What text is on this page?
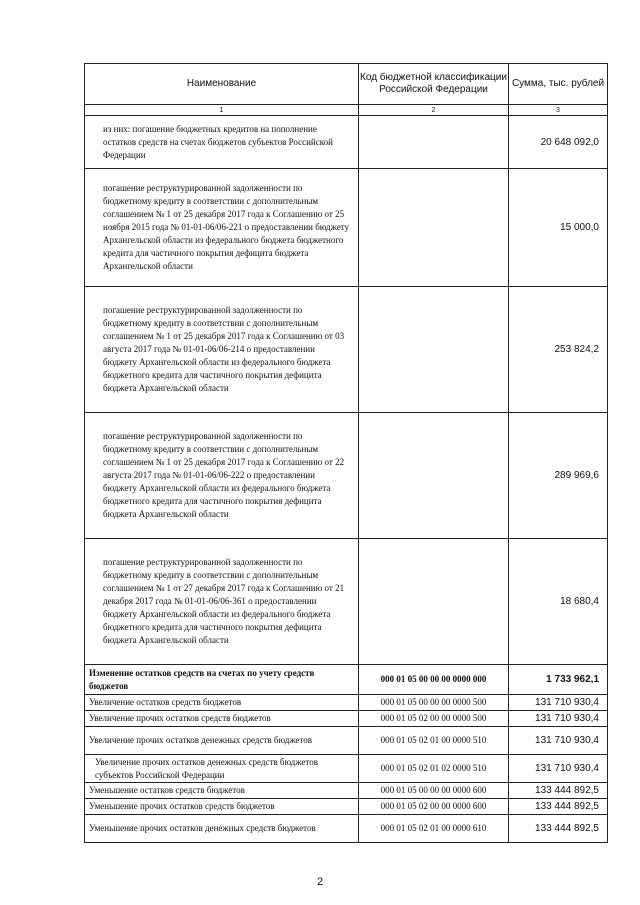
Наименование	Код бюджетной классификации Российской Федерации	Сумма, тыс. рублей
1	2	3
из них: погашение бюджетных кредитов на пополнение остатков средств на счетах бюджетов субъектов Российской Федерации		20 648 092,0
погашение реструктурированной задолженности по бюджетному кредиту в соответствии с дополнительным соглашением № 1 от 25 декабря 2017 года к Соглашению от 25 ноября 2015 года № 01-01-06/06-221 о предоставлении бюджету Архангельской области из федерального бюджета бюджетного кредита для частичного покрытия дефицита бюджета Архангельской области		15 000,0
погашение реструктурированной задолженности по бюджетному кредиту в соответствии с дополнительным соглашением № 1 от 25 декабря 2017 года к Соглашению от 03 августа 2017 года № 01-01-06/06-214 о предоставлении бюджету Архангельской области из федерального бюджета бюджетного кредита для частичного покрытия дефицита бюджета Архангельской области		253 824,2
погашение реструктурированной задолженности по бюджетному кредиту в соответствии с дополнительным соглашением № 1 от 25 декабря 2017 года к Соглашению от 22 августа 2017 года № 01-01-06/06-222 о предоставлении бюджету Архангельской области из федерального бюджета бюджетного кредита для частичного покрытия дефицита бюджета Архангельской области		289 969,6
погашение реструктурированной задолженности по бюджетному кредиту в соответствии с дополнительным соглашением № 1 от 27 декабря 2017 года к Соглашению от 21 декабря 2017 года № 01-01-06/06-361 о предоставлении бюджету Архангельской области из федерального бюджета бюджетного кредита для частичного покрытия дефицита бюджета Архангельской области		18 680,4
Изменение остатков средств на счетах по учету средств бюджетов	000 01 05 00 00 00 0000 000	1 733 962,1
Увеличение остатков средств бюджетов	000 01 05 00 00 00 0000 500	131 710 930,4
Увеличение прочих остатков средств бюджетов	000 01 05 02 00 00 0000 500	131 710 930,4
Увеличение прочих остатков денежных средств бюджетов	000 01 05 02 01 00 0000 510	131 710 930,4
Увеличение прочих остатков денежных средств бюджетов субъектов Российской Федерации	000 01 05 02 01 02 0000 510	131 710 930,4
Уменьшение остатков средств бюджетов	000 01 05 00 00 00 0000 600	133 444 892,5
Уменьшение прочих остатков средств бюджетов	000 01 05 02 00 00 0000 600	133 444 892,5
Уменьшение прочих остатков денежных средств бюджетов	000 01 05 02 01 00 0000 610	133 444 892,5
2
